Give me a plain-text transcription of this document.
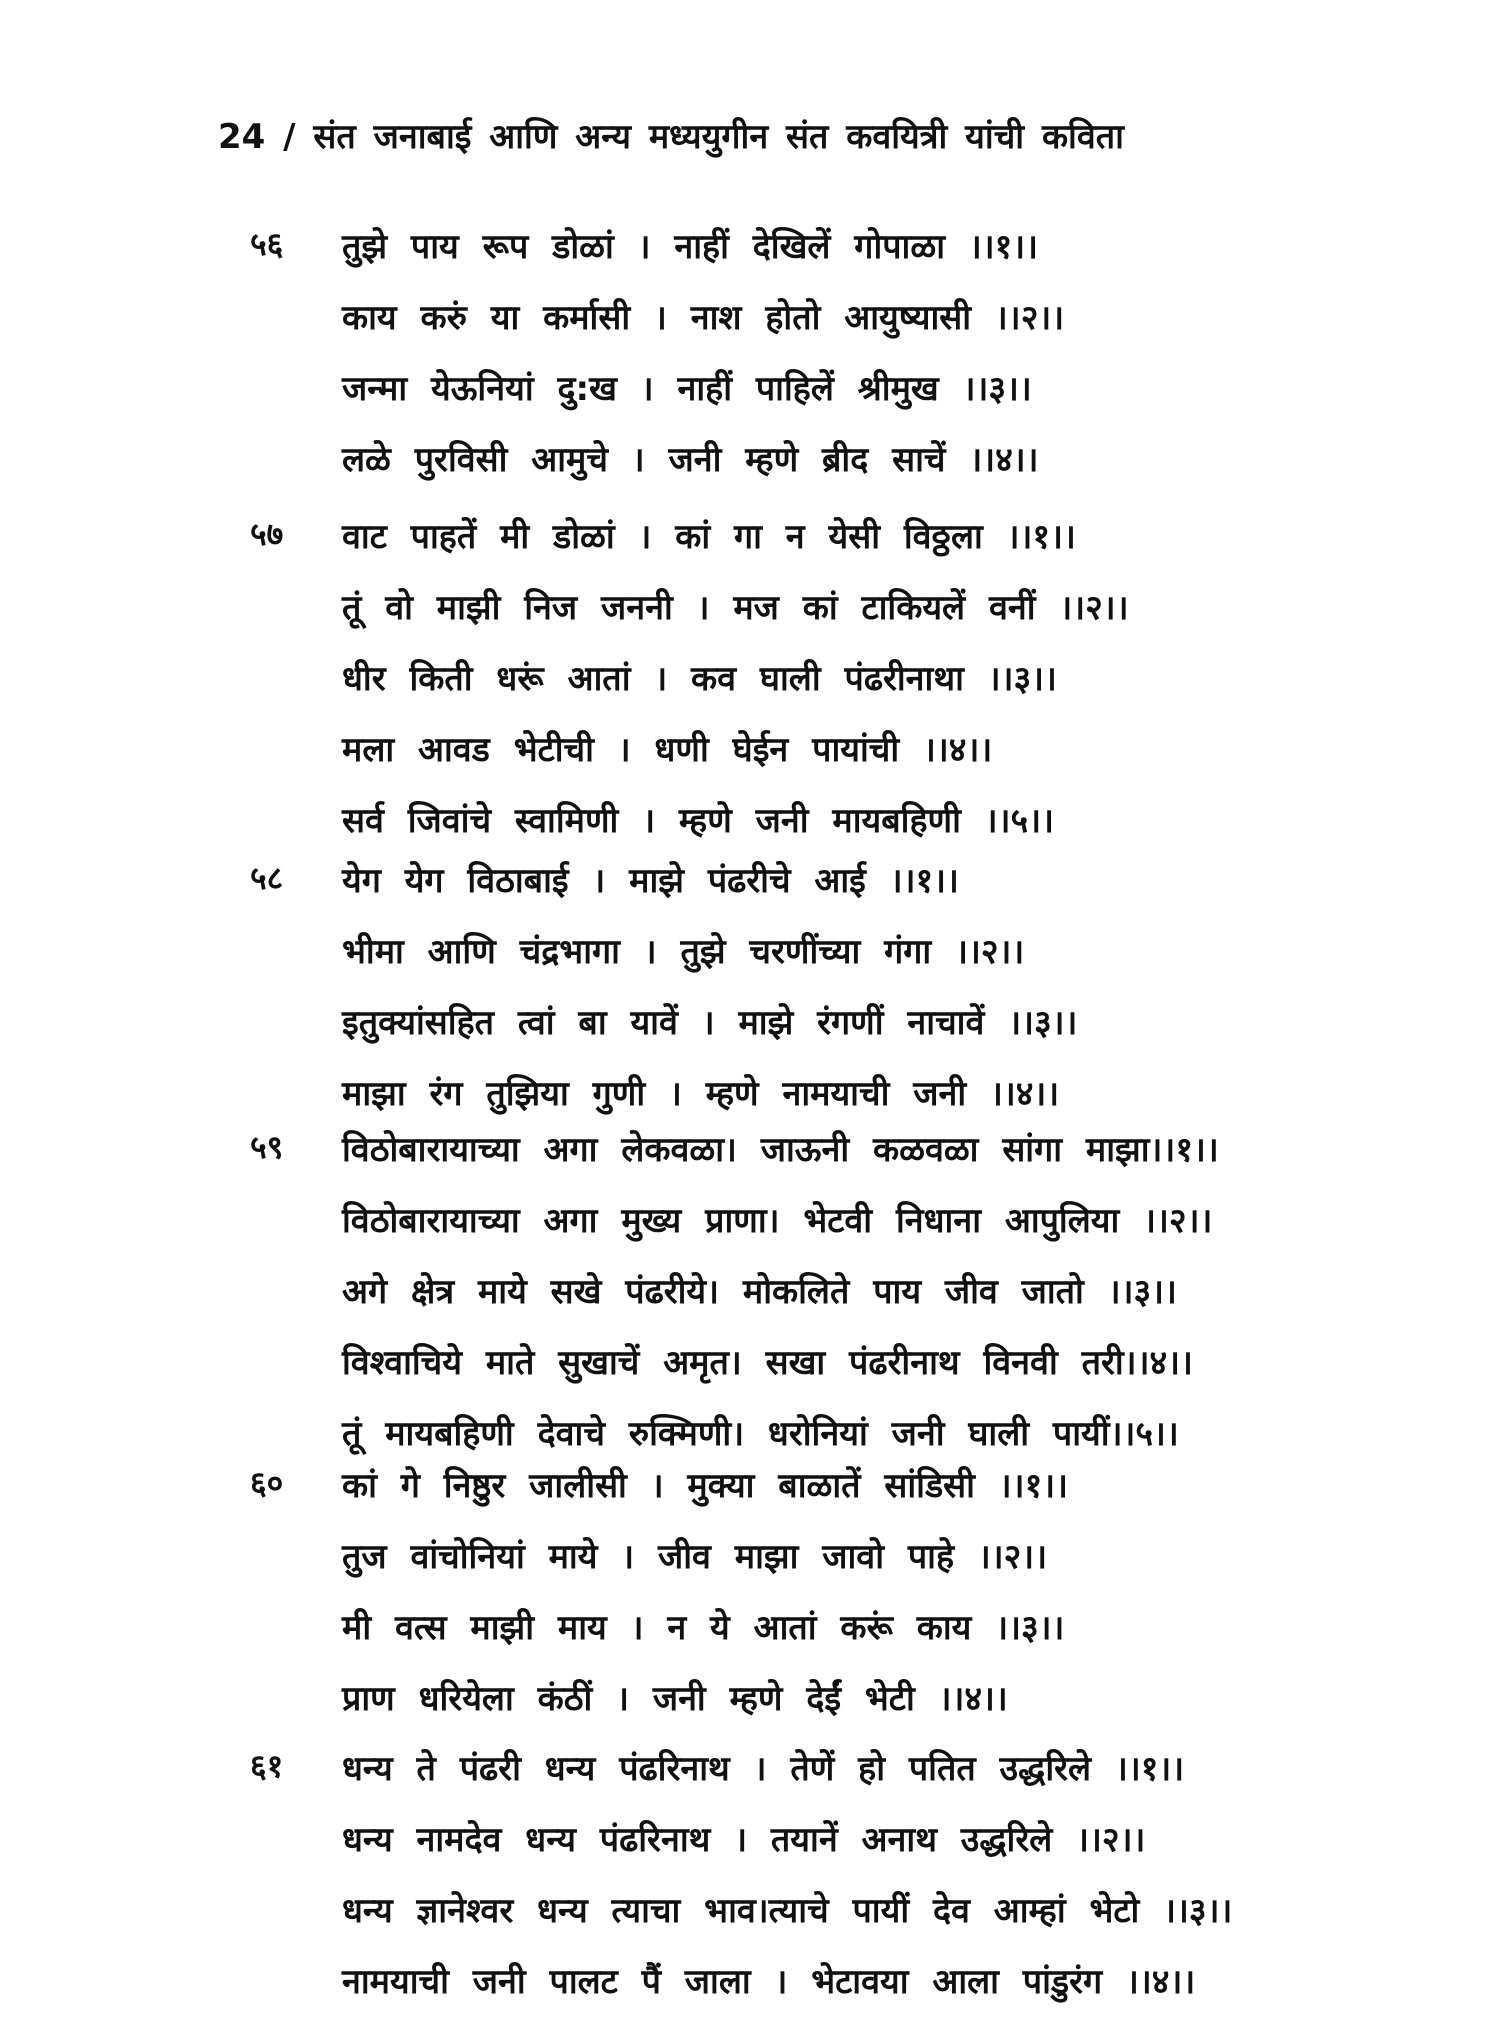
24 / संत जनाबाई आणि अन्य मध्ययुगीन संत कवयित्री यांची कविता
५६ तुझे पाय रूप डोळां । नाहीं देखिलें गोपाळा ।।१।।
काय करुं या कर्मासी । नाश होतो आयुष्यासी ।।२।।
जन्मा येऊनियां दु:ख । नाहीं पाहिलें श्रीमुख ।।३।।
लळे पुरविसी आमुचे । जनी म्हणे ब्रीद साचें ।।४।।
५७ वाट पाहतें मी डोळां । कां गा न येसी विठ्ठला ।।१।।
तूं वो माझी निज जननी । मज कां टाकियलें वनीं ।।२।।
धीर किती धरूं आतां । कव घाली पंढरीनाथा ।।३।।
मला आवड भेटीची । धणी घेईन पायांची ।।४।।
सर्व जिवांचे स्वामिणी । म्हणे जनी मायबहिणी ।।५।।
५८ येग येग विठाबाई । माझे पंढरीचे आई ।।१।।
भीमा आणि चंद्रभागा । तुझे चरणींच्या गंगा ।।२।।
इतुक्यांसहित त्वां बा यावें । माझे रंगणीं नाचावें ।।३।।
माझा रंग तुझिया गुणी । म्हणे नामयाची जनी ।।४।।
५९ विठोबारायाच्या अगा लेकवळा। जाऊनी कळवळा सांगा माझा।।१।।
विठोबारायाच्या अगा मुख्य प्राणा। भेटवी निधाना आपुलिया ।।२।।
अगे क्षेत्र माये सखे पंढरीये। मोकलिते पाय जीव जातो ।।३।।
विश्वाचिये माते सुखाचें अमृत। सखा पंढरीनाथ विनवी तरी।।४।।
तूं मायबहिणी देवाचे रुक्मिणी। धरोनियां जनी घाली पायीं।।५।।
६० कां गे निष्ठुर जालीसी । मुक्या बाळातें सांडिसी ।।१।।
तुज वांचोनियां माये । जीव माझा जावो पाहे ।।२।।
मी वत्स माझी माय । न ये आतां करूं काय ।।३।।
प्राण धरियेला कंठीं । जनी म्हणे देईं भेटी ।।४।।
६१ धन्य ते पंढरी धन्य पंढरिनाथ । तेणें हो पतित उद्धरिले ।।१।।
धन्य नामदेव धन्य पंढरिनाथ । तयानें अनाथ उद्धरिले ।।२।।
धन्य ज्ञानेश्वर धन्य त्याचा भाव।त्याचे पायीं देव आम्हां भेटो ।।३।।
नामयाची जनी पालट पैं जाला । भेटावया आला पांडुरंग ।।४।।
